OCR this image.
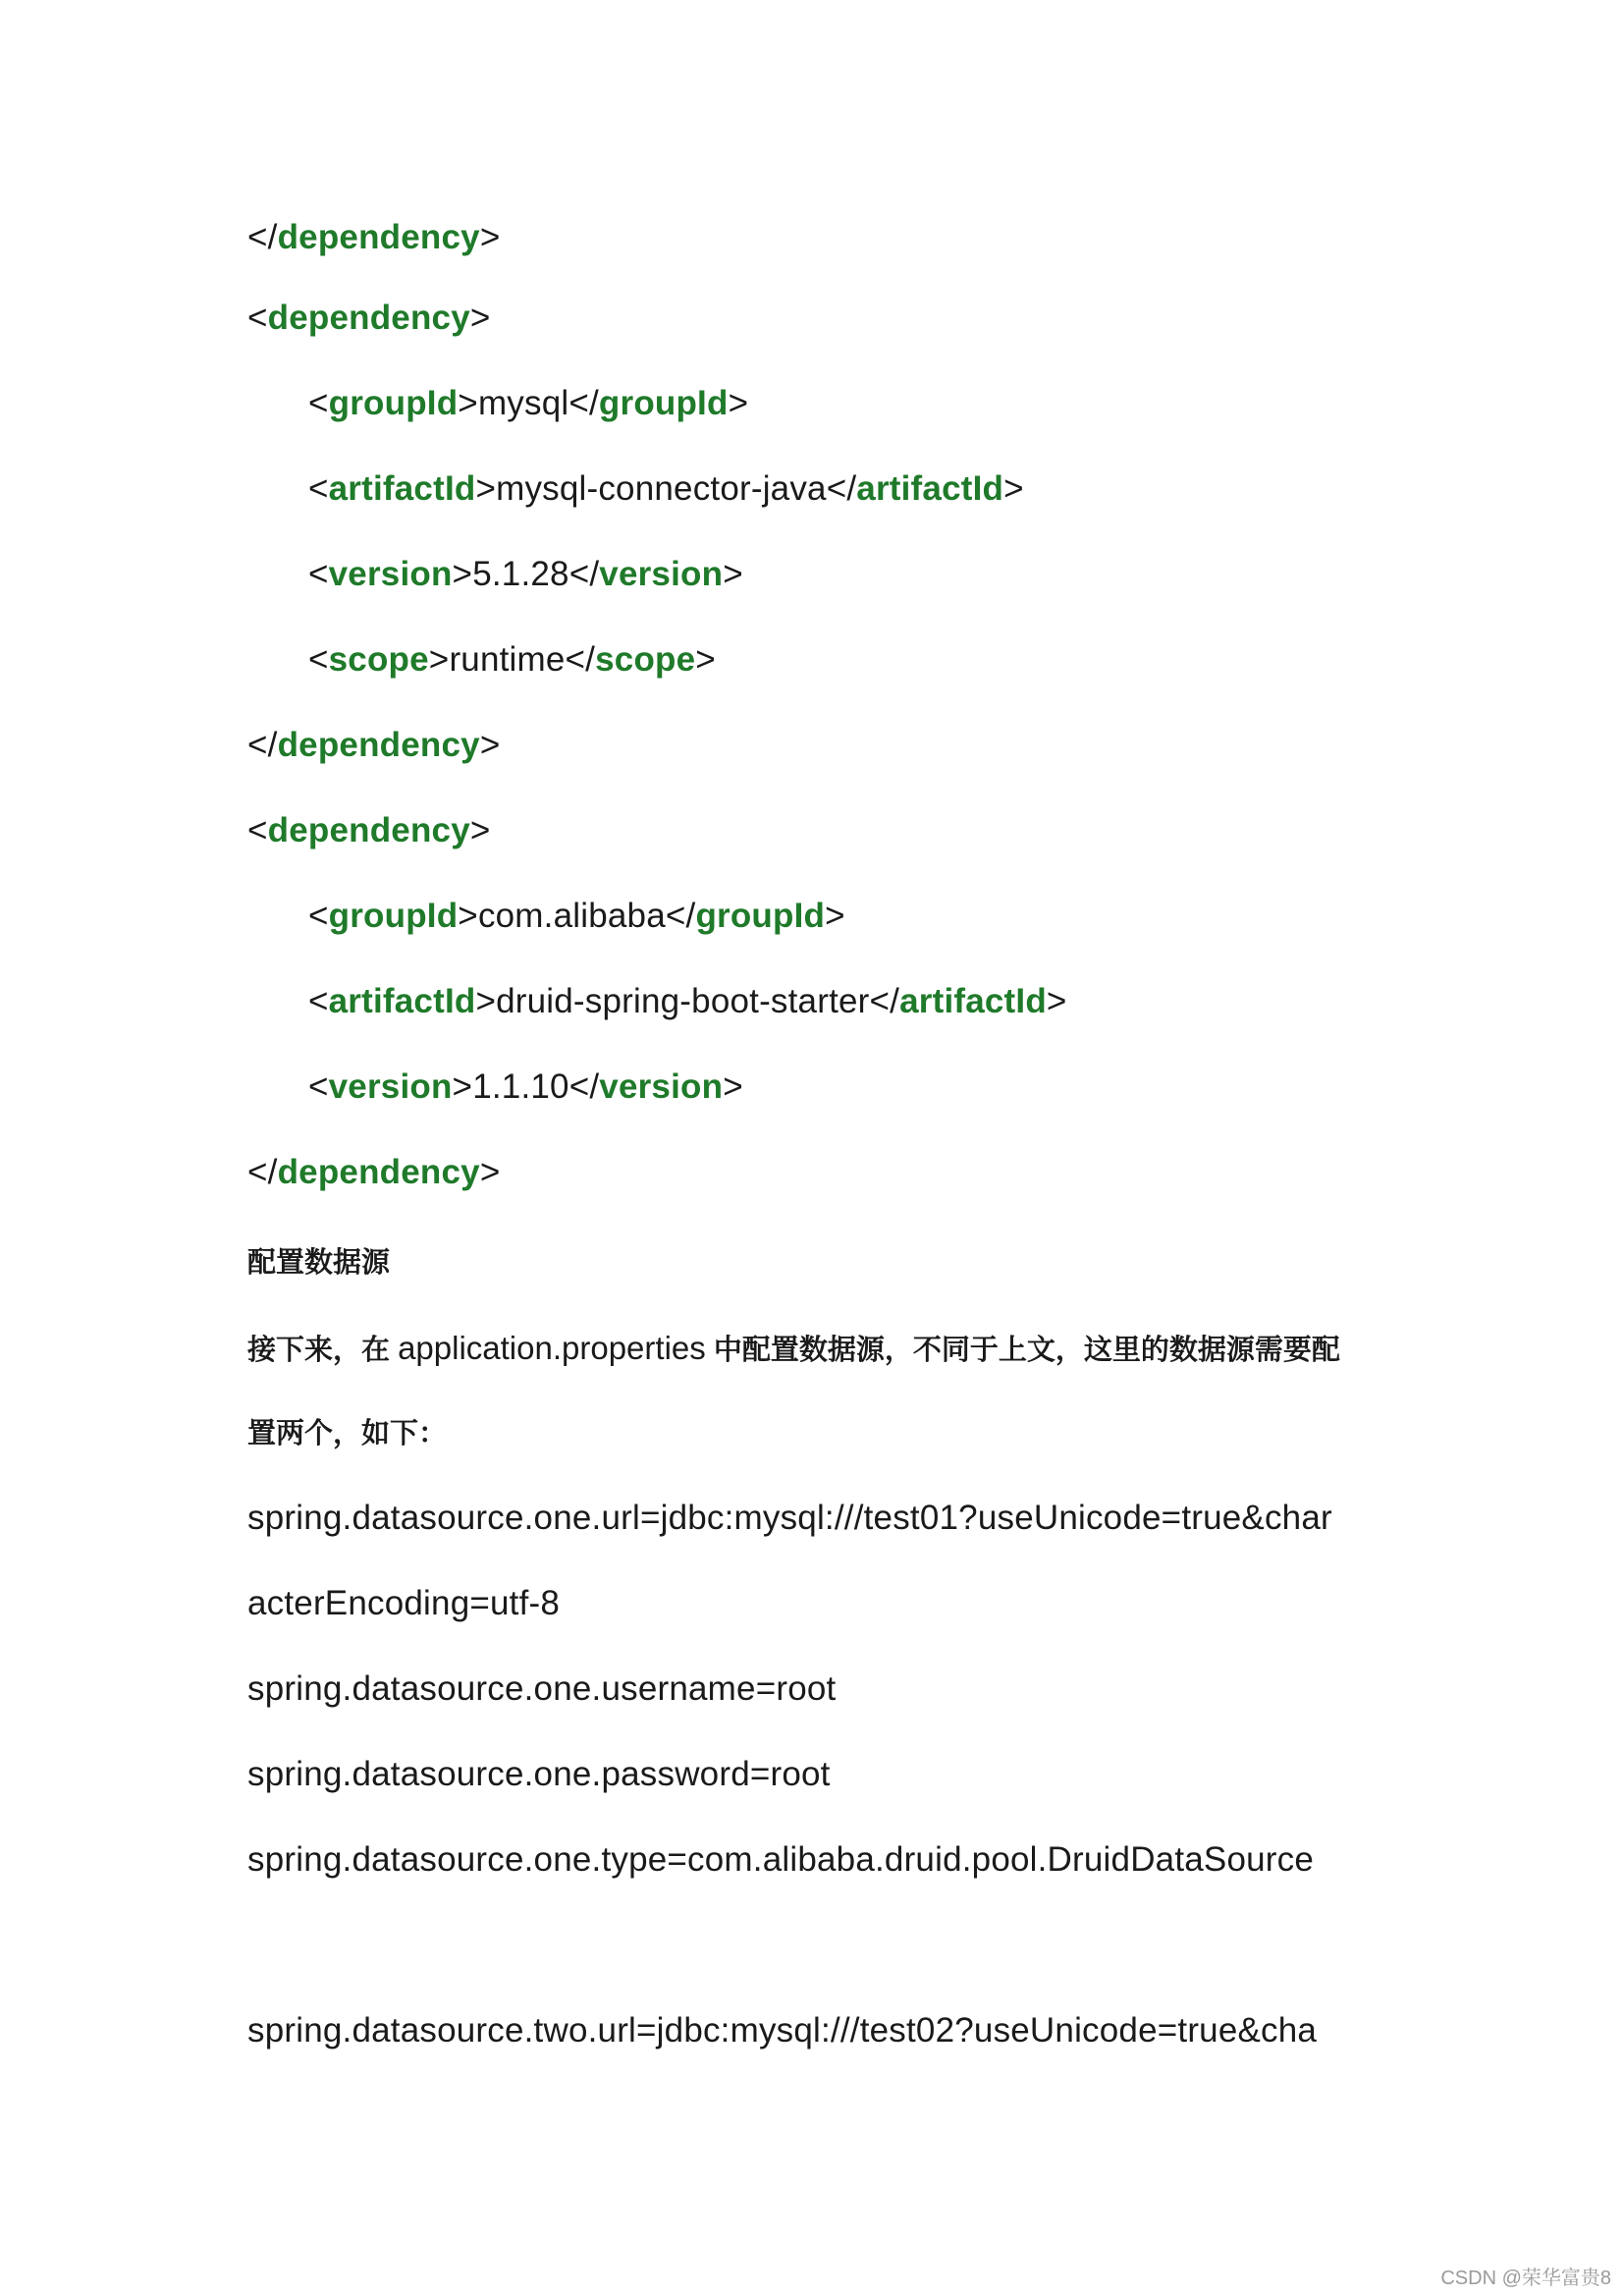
</dependency>
<dependency>
<groupId>mysql</groupId>
<artifactId>mysql-connector-java</artifactId>
<version>5.1.28</version>
<scope>runtime</scope>
</dependency>
<dependency>
<groupId>com.alibaba</groupId>
<artifactId>druid-spring-boot-starter</artifactId>
<version>1.1.10</version>
</dependency>
配置数据源
接下来，在 application.properties 中配置数据源，不同于上文，这里的数据源需要配
置两个，如下：
spring.datasource.one.url=jdbc:mysql:///test01?useUnicode=true&char
acterEncoding=utf-8
spring.datasource.one.username=root
spring.datasource.one.password=root
spring.datasource.one.type=com.alibaba.druid.pool.DruidDataSource
spring.datasource.two.url=jdbc:mysql:///test02?useUnicode=true&cha
CSDN @荣华富贵8
